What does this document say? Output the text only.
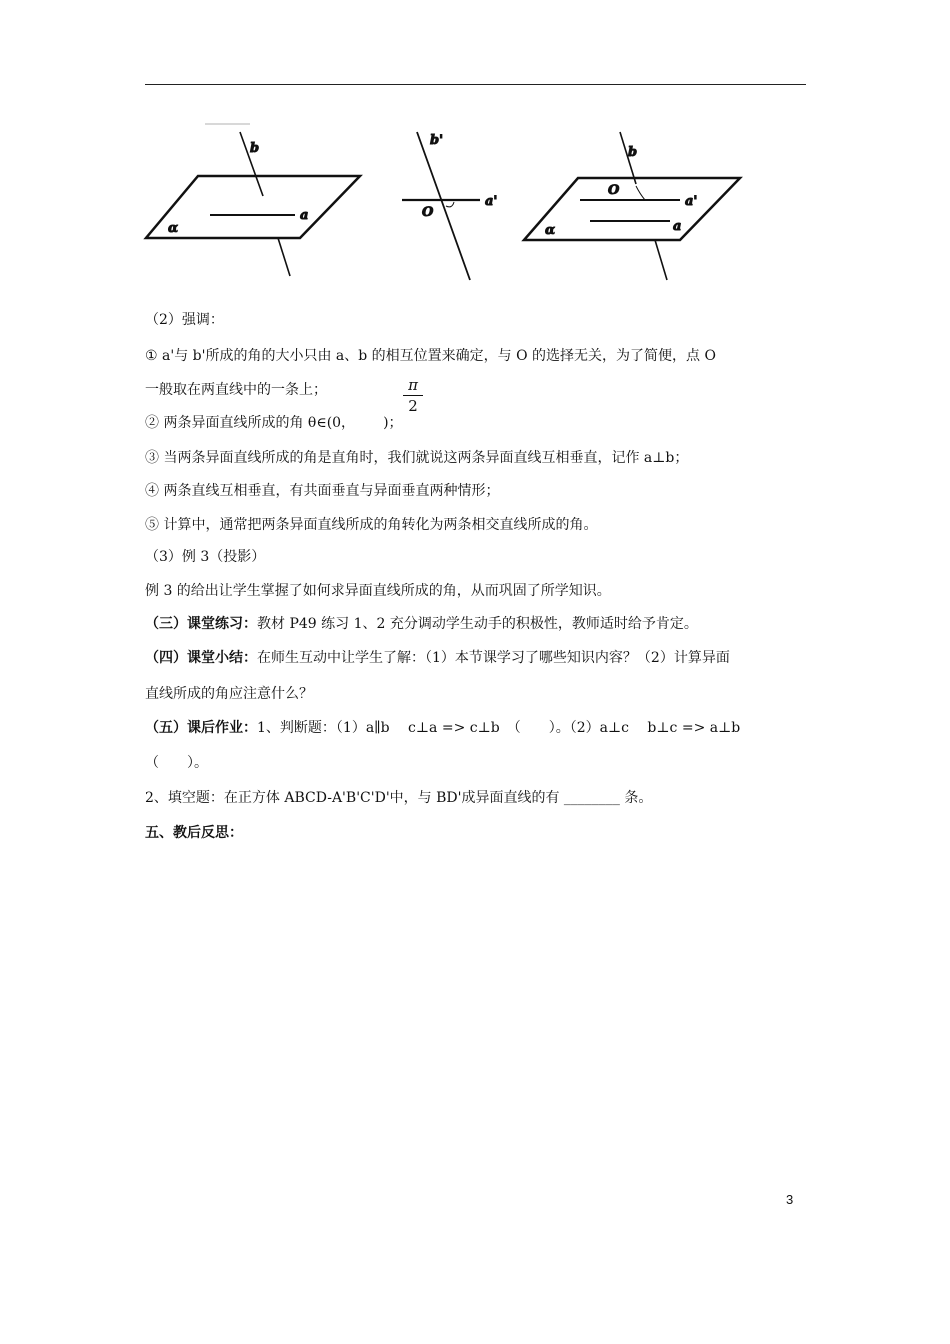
b
a
α
b'
a'
O
b
a'
a
O
α
（2）强调：
① a'与 b'所成的角的大小只由 a、b 的相互位置来确定，与 O 的选择无关，为了简便，点 O
一般取在两直线中的一条上；
② 两条异面直线所成的角 θ∈(0， )；
π
2
③ 当两条异面直线所成的角是直角时，我们就说这两条异面直线互相垂直，记作 a⊥b；
④ 两条直线互相垂直，有共面垂直与异面垂直两种情形；
⑤ 计算中，通常把两条异面直线所成的角转化为两条相交直线所成的角。
（3）例 3（投影）
例 3 的给出让学生掌握了如何求异面直线所成的角，从而巩固了所学知识。
（三）课堂练习：教材 P49 练习 1、2 充分调动学生动手的积极性，教师适时给予肯定。
（四）课堂小结：在师生互动中让学生了解：（1）本节课学习了哪些知识内容？（2）计算异面
直线所成的角应注意什么？
（五）课后作业：1、判断题：（1）a∥b　 c⊥a => c⊥b　（　　）。（2）a⊥c　 b⊥c => a⊥b
（　　）。
2、填空题：在正方体 ABCD-A'B'C'D'中，与 BD'成异面直线的有 ________ 条。
五、教后反思：
3
